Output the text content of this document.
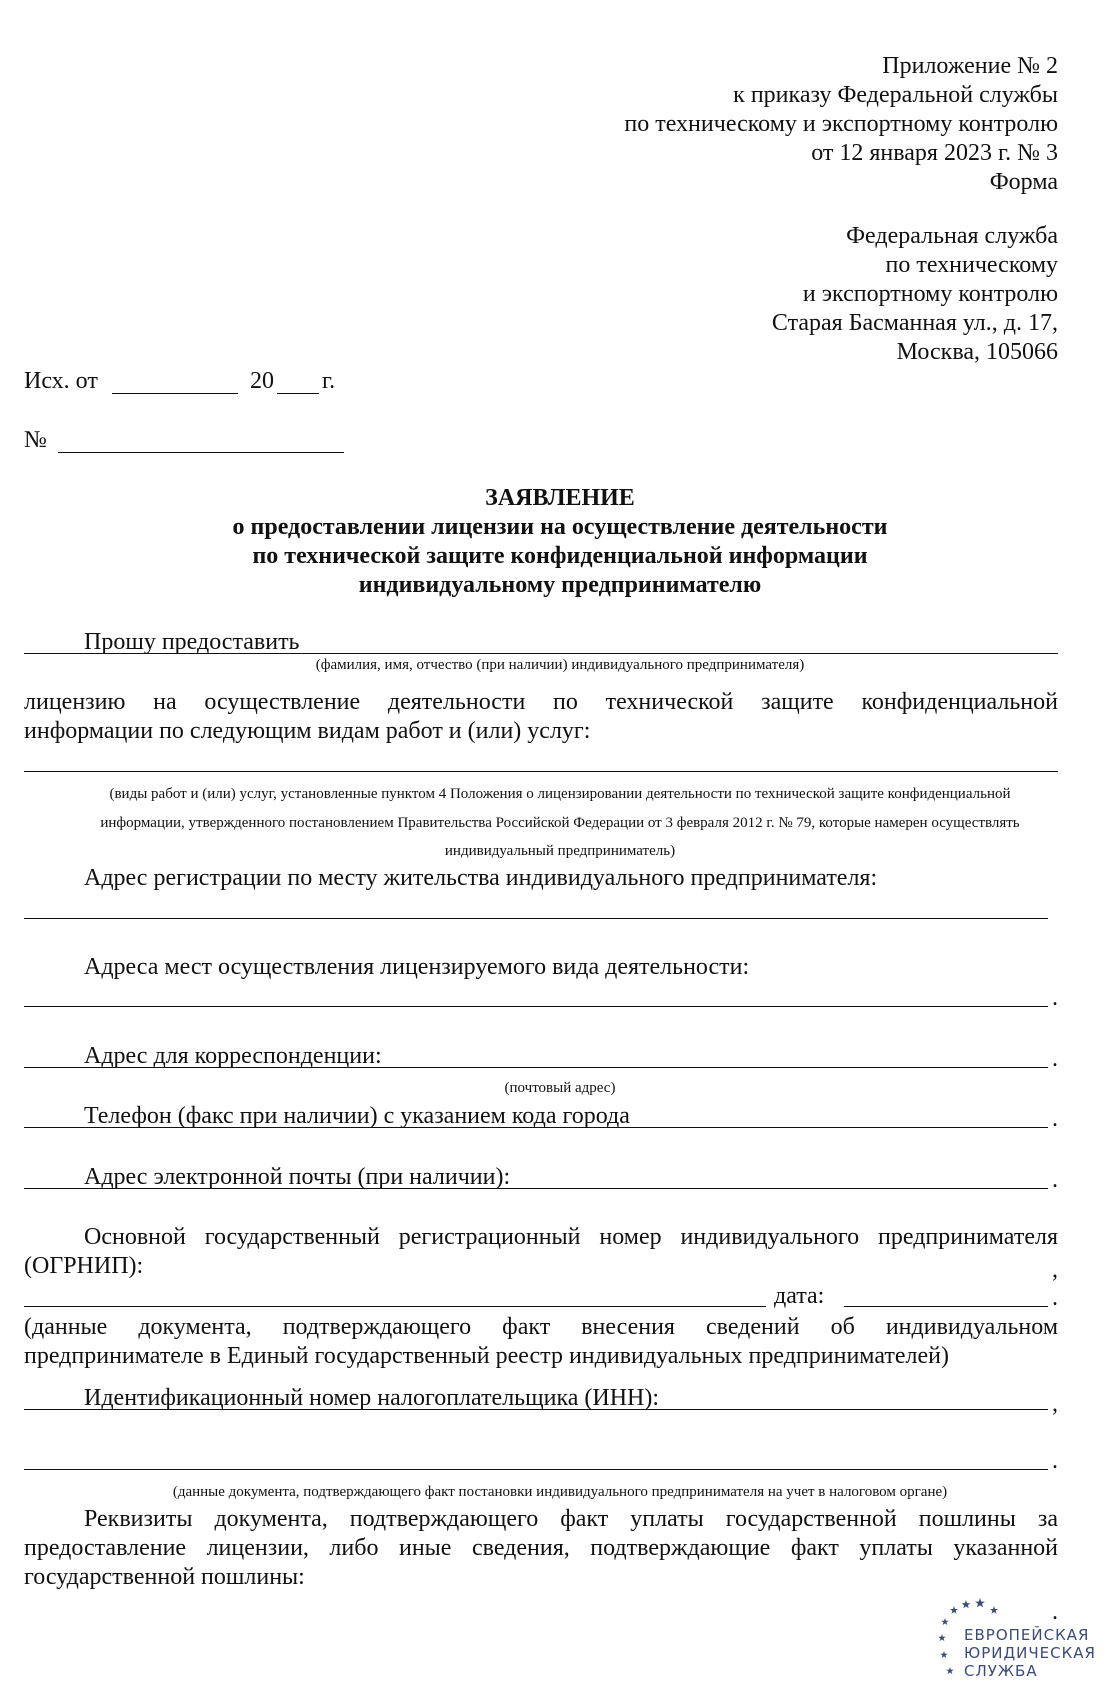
Приложение № 2
к приказу Федеральной службы
по техническому и экспортному контролю
от 12 января 2023 г. № 3
Форма
Федеральная служба
по техническому
и экспортному контролю
Старая Басманная ул., д. 17,
Москва, 105066
Исх. от	20 г.
№
ЗАЯВЛЕНИЕ
о предоставлении лицензии на осуществление деятельности
по технической защите конфиденциальной информации
индивидуальному предпринимателю
Прошу предоставить
(фамилия, имя, отчество (при наличии) индивидуального предпринимателя)
лицензию на осуществление деятельности по технической защите конфиденциальной
информации по следующим видам работ и (или) услуг:
(виды работ и (или) услуг, установленные пунктом 4 Положения о лицензировании деятельности по технической защите конфиденциальной
информации, утвержденного постановлением Правительства Российской Федерации от 3 февраля 2012 г. № 79, которые намерен осуществлять
индивидуальный предприниматель)
Адрес регистрации по месту жительства индивидуального предпринимателя:
Адреса мест осуществления лицензируемого вида деятельности:
.
Адрес для корреспонденции:	.
(почтовый адрес)
Телефон (факс при наличии) с указанием кода города	.
Адрес электронной почты (при наличии):	.
Основной государственный регистрационный номер индивидуального предпринимателя
(ОГРНИП):	,
дата:	.
(данные документа, подтверждающего факт внесения сведений об индивидуальном
предпринимателе в Единый государственный реестр индивидуальных предпринимателей)
Идентификационный номер налогоплательщика (ИНН):	,
.
(данные документа, подтверждающего факт постановки индивидуального предпринимателя на учет в налоговом органе)
Реквизиты документа, подтверждающего факт уплаты государственной пошлины за
предоставление лицензии, либо иные сведения, подтверждающие факт уплаты указанной
государственной пошлины:
.
ЕВРОПЕЙСКАЯ
ЮРИДИЧЕСКАЯ
СЛУЖБА
